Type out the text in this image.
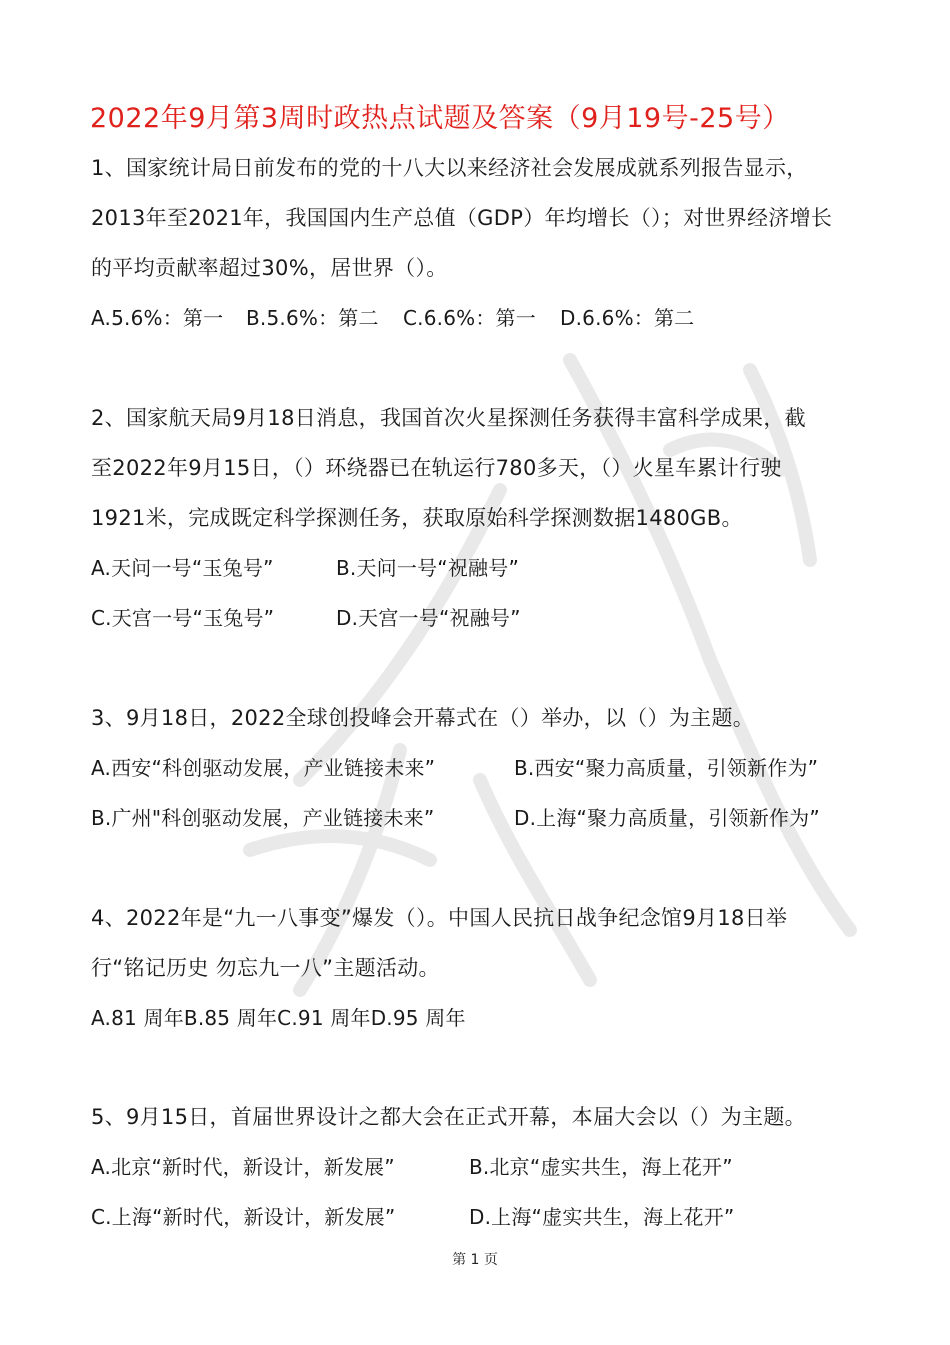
2022年9月第3周时政热点试题及答案（9月19号-25号）
1、国家统计局日前发布的党的十八大以来经济社会发展成就系列报告显示，
2013年至2021年，我国国内生产总值（GDP）年均增长（）；对世界经济增长
的平均贡献率超过30%，居世界（）。
A.5.6%：第一 B.5.6%：第二 C.6.6%：第一 D.6.6%：第二
2、国家航天局9月18日消息，我国首次火星探测任务获得丰富科学成果，截
至2022年9月15日，（）环绕器已在轨运行780多天，（）火星车累计行驶
1921米，完成既定科学探测任务，获取原始科学探测数据1480GB。
A.天问一号“玉兔号”	B.天问一号“祝融号”
C.天宫一号“玉兔号”	D.天宫一号“祝融号”
3、9月18日，2022全球创投峰会开幕式在（）举办，以（）为主题。
A.西安“科创驱动发展，产业链接未来”	B.西安“聚力高质量，引领新作为”
B.广州"科创驱动发展，产业链接未来”	D.上海“聚力高质量，引领新作为”
4、2022年是“九一八事变”爆发（）。中国人民抗日战争纪念馆9月18日举
行“铭记历史 勿忘九一八”主题活动。
A.81 周年B.85 周年C.91 周年D.95 周年
5、9月15日，首届世界设计之都大会在正式开幕，本届大会以（）为主题。
A.北京“新时代，新设计，新发展”	B.北京“虚实共生，海上花开”
C.上海“新时代，新设计，新发展”	D.上海“虚实共生，海上花开”
第 1 页
